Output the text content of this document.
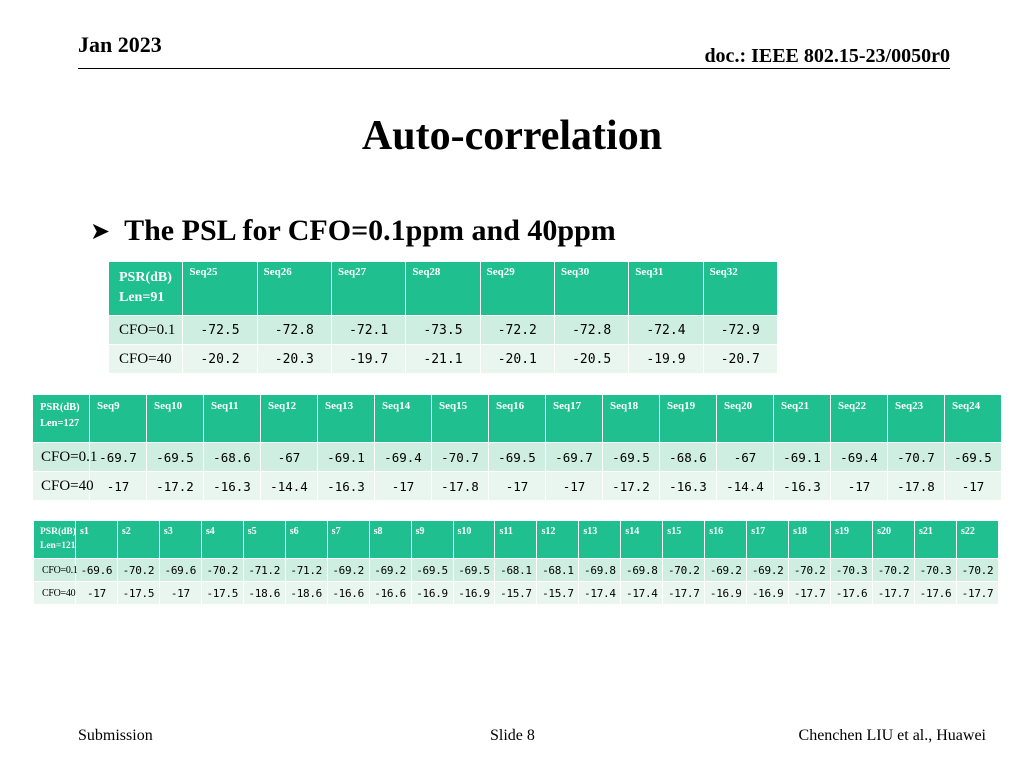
Jan 2023	doc.: IEEE 802.15-23/0050r0
Auto-correlation
➤ The PSL for CFO=0.1ppm and 40ppm
PSR(dB)
Len=91	Seq25	Seq26	Seq27	Seq28	Seq29	Seq30	Seq31	Seq32
CFO=0.1	-72.5	-72.8	-72.1	-73.5	-72.2	-72.8	-72.4	-72.9
CFO=40	-20.2	-20.3	-19.7	-21.1	-20.1	-20.5	-19.9	-20.7
PSR(dB)
Len=127	Seq9	Seq10	Seq11	Seq12	Seq13	Seq14	Seq15	Seq16	Seq17	Seq18	Seq19	Seq20	Seq21	Seq22	Seq23	Seq24
CFO=0.1	-69.7	-69.5	-68.6	-67	-69.1	-69.4	-70.7	-69.5	-69.7	-69.5	-68.6	-67	-69.1	-69.4	-70.7	-69.5
CFO=40	-17	-17.2	-16.3	-14.4	-16.3	-17	-17.8	-17	-17	-17.2	-16.3	-14.4	-16.3	-17	-17.8	-17
PSR(dB)
Len=121	s1	s2	s3	s4	s5	s6	s7	s8	s9	s10	s11	s12	s13	s14	s15	s16	s17	s18	s19	s20	s21	s22
CFO=0.1	-69.6	-70.2	-69.6	-70.2	-71.2	-71.2	-69.2	-69.2	-69.5	-69.5	-68.1	-68.1	-69.8	-69.8	-70.2	-69.2	-69.2	-70.2	-70.3	-70.2	-70.3	-70.2
CFO=40	-17	-17.5	-17	-17.5	-18.6	-18.6	-16.6	-16.6	-16.9	-16.9	-15.7	-15.7	-17.4	-17.4	-17.7	-16.9	-16.9	-17.7	-17.6	-17.7	-17.6	-17.7
Submission	Slide 8	Chenchen LIU et al., Huawei
